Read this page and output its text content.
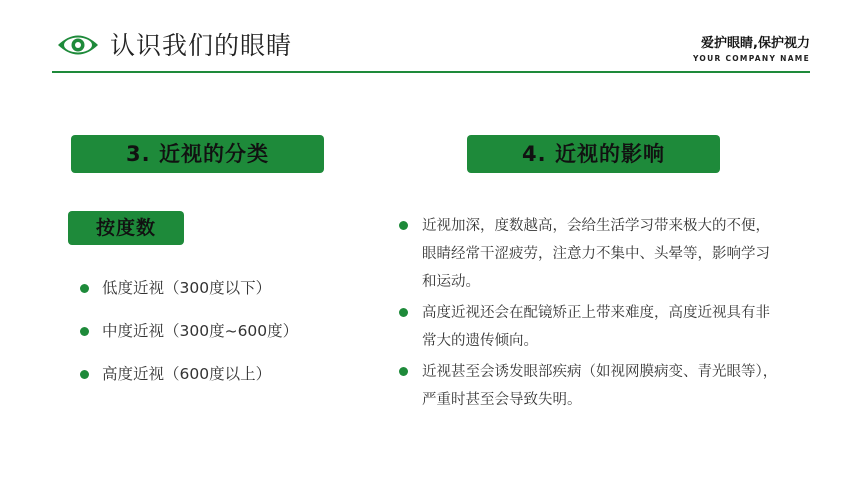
认识我们的眼睛	爱护眼睛,保护视力
YOUR COMPANY NAME
3. 近视的分类	4. 近视的影响
按度数
低度近视（300度以下）
中度近视（300度~600度）
高度近视（600度以上）
近视加深，度数越高，会给生活学习带来极大的不便，眼睛经常干涩疲劳，注意力不集中、头晕等，影响学习和运动。
高度近视还会在配镜矫正上带来难度，高度近视具有非常大的遗传倾向。
近视甚至会诱发眼部疾病（如视网膜病变、青光眼等），严重时甚至会导致失明。
